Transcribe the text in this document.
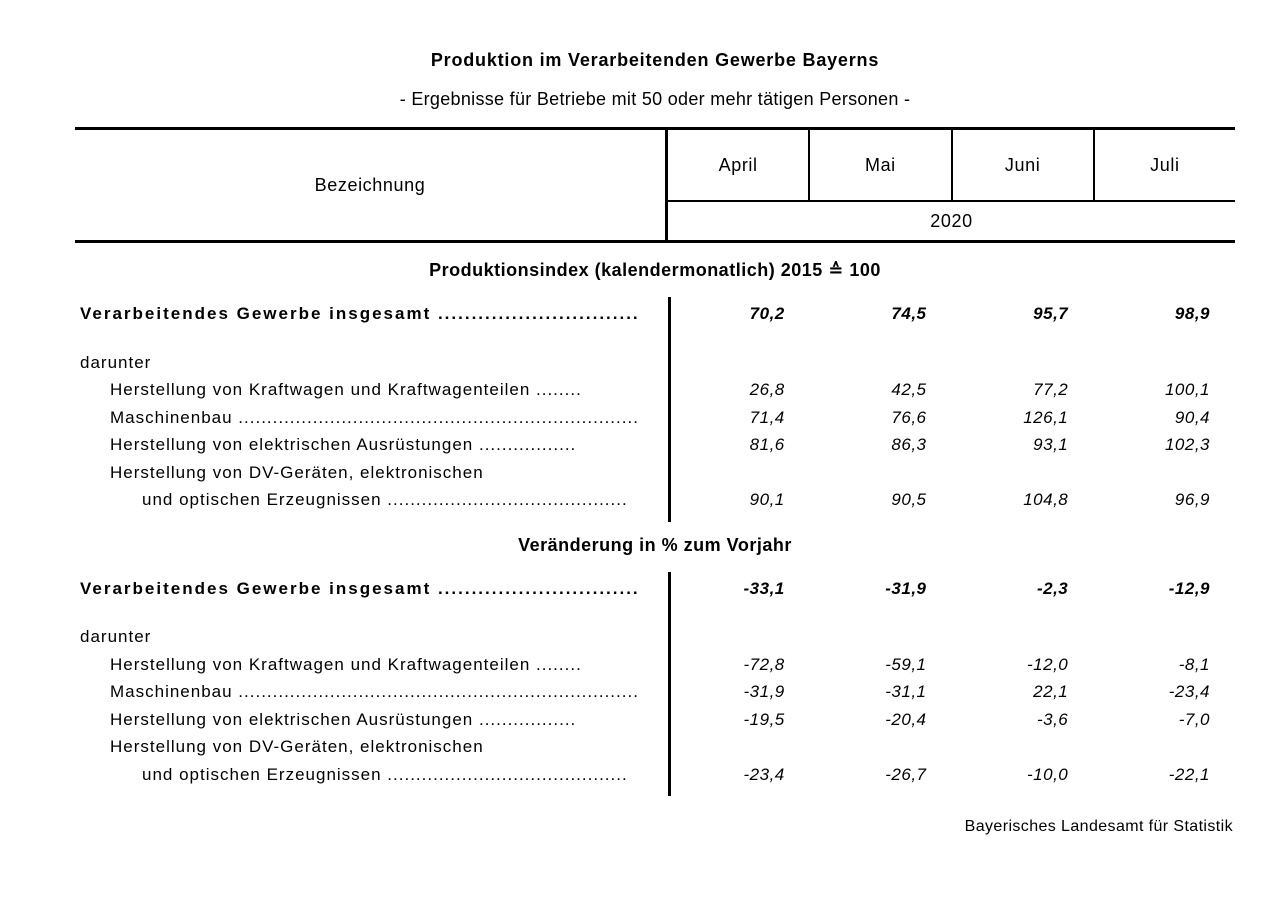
Produktion im Verarbeitenden Gewerbe Bayerns
- Ergebnisse für Betriebe mit 50 oder mehr tätigen Personen -
Bezeichnung
April	Mai	Juni	Juli
2020
Produktionsindex (kalendermonatlich) 2015 ≙ 100
Verarbeitendes Gewerbe insgesamt ..............................	70,2	74,5	95,7	98,9
darunter
Herstellung von Kraftwagen und Kraftwagenteilen ........	26,8	42,5	77,2	100,1
Maschinenbau ......................................................................	71,4	76,6	126,1	90,4
Herstellung von elektrischen Ausrüstungen .................	81,6	86,3	93,1	102,3
Herstellung von DV-Geräten, elektronischen
und optischen Erzeugnissen ..........................................	90,1	90,5	104,8	96,9
Veränderung in % zum Vorjahr
Verarbeitendes Gewerbe insgesamt ..............................	-33,1	-31,9	-2,3	-12,9
darunter
Herstellung von Kraftwagen und Kraftwagenteilen ........	-72,8	-59,1	-12,0	-8,1
Maschinenbau ......................................................................	-31,9	-31,1	22,1	-23,4
Herstellung von elektrischen Ausrüstungen .................	-19,5	-20,4	-3,6	-7,0
Herstellung von DV-Geräten, elektronischen
und optischen Erzeugnissen ..........................................	-23,4	-26,7	-10,0	-22,1
Bayerisches Landesamt für Statistik
